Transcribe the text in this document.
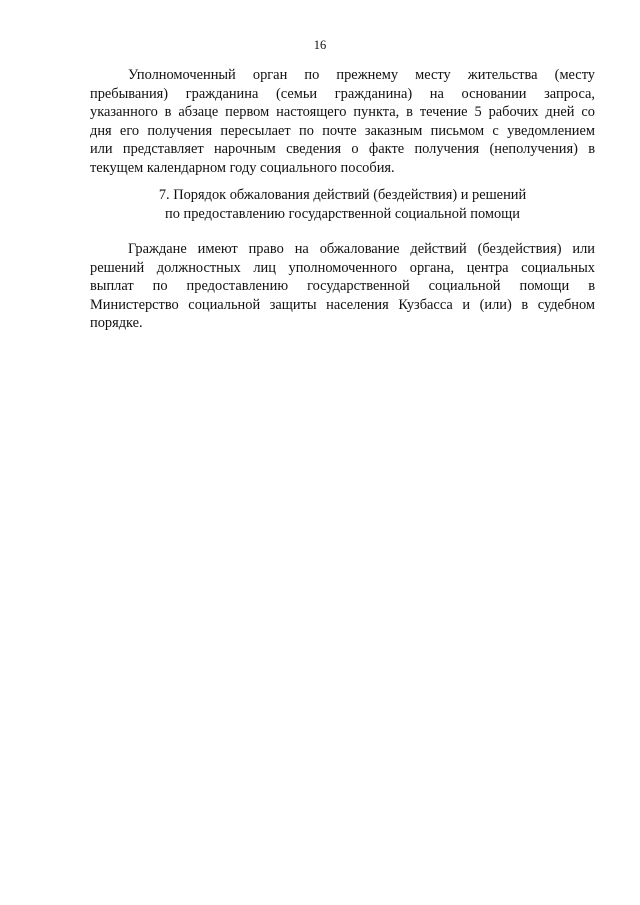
16
Уполномоченный орган по прежнему месту жительства (месту
пребывания) гражданина (семьи гражданина) на основании запроса,
указанного в абзаце первом настоящего пункта, в течение 5 рабочих дней со
дня его получения пересылает по почте заказным письмом с уведомлением
или представляет нарочным сведения о факте получения (неполучения) в
текущем календарном году социального пособия.
7. Порядок обжалования действий (бездействия) и решений
по предоставлению государственной социальной помощи
Граждане имеют право на обжалование действий (бездействия) или
решений должностных лиц уполномоченного органа, центра социальных
выплат по предоставлению государственной социальной помощи в
Министерство социальной защиты населения Кузбасса и (или) в судебном
порядке.
